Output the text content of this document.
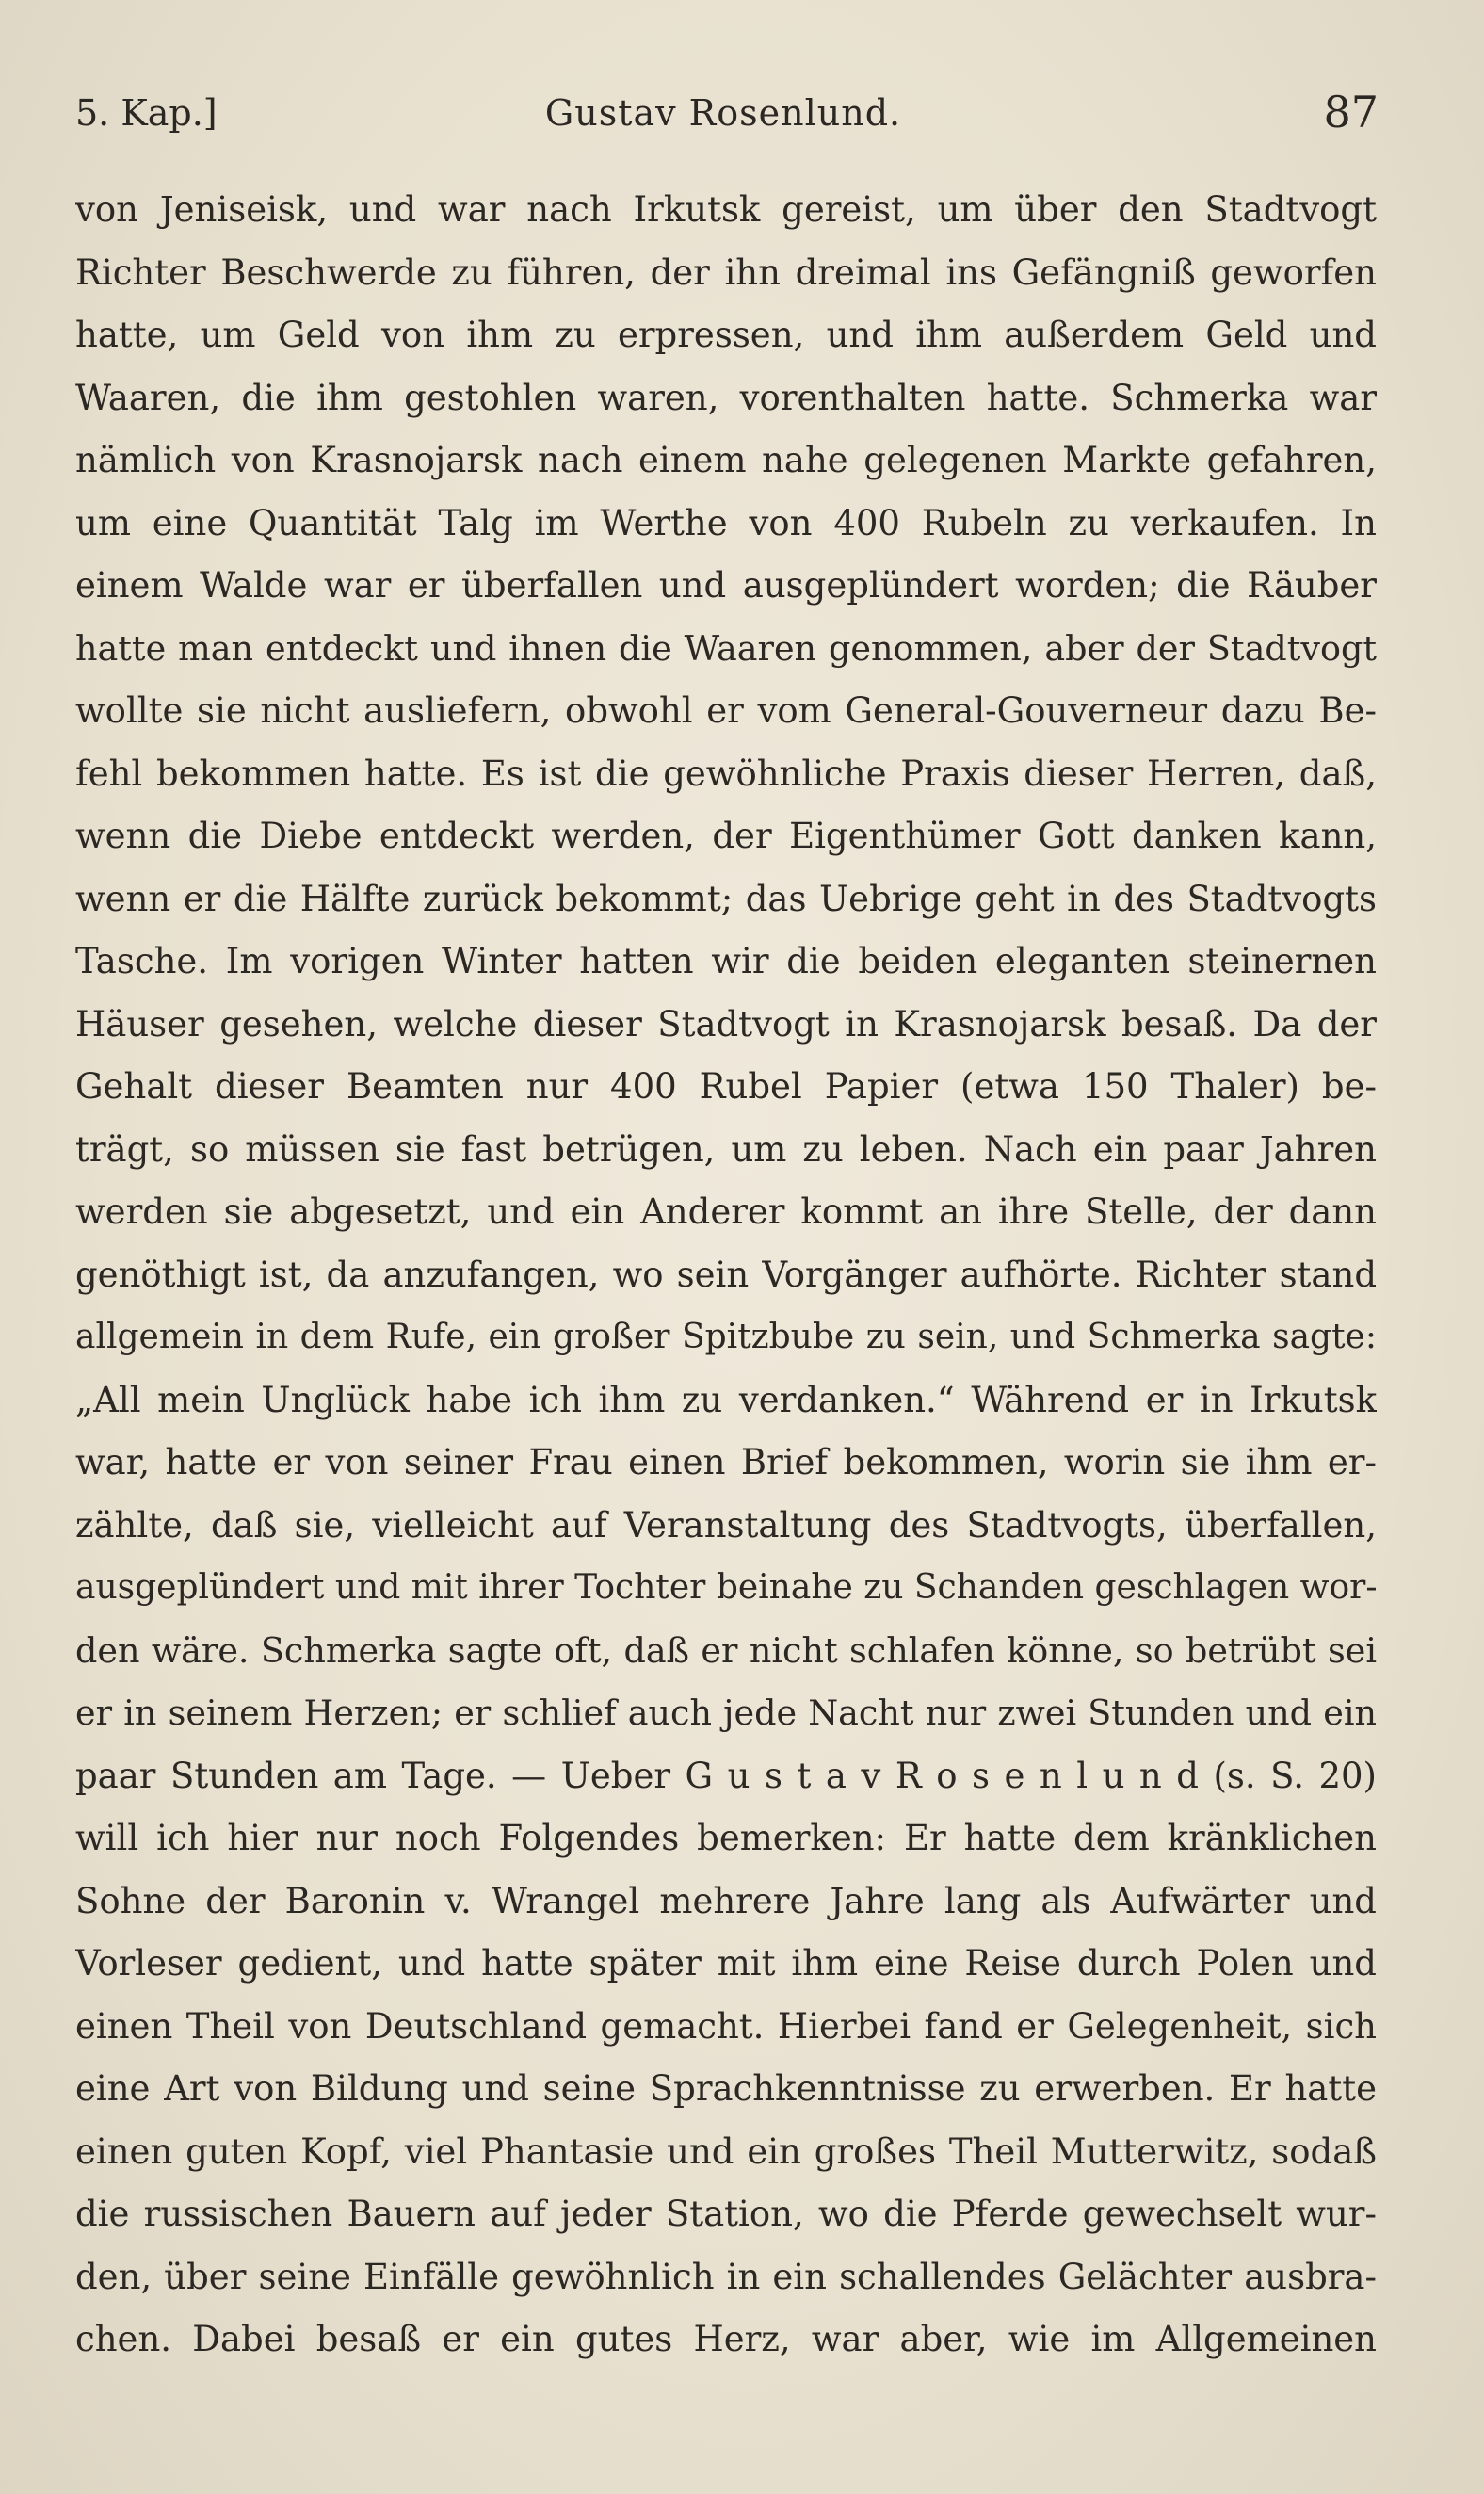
5. Kap.]	Gustav Rosenlund.	87
von Jeniseisk, und war nach Irkutsk gereist, um über den Stadtvogt
Richter Beschwerde zu führen, der ihn dreimal ins Gefängniß geworfen
hatte, um Geld von ihm zu erpressen, und ihm außerdem Geld und
Waaren, die ihm gestohlen waren, vorenthalten hatte. Schmerka war
nämlich von Krasnojarsk nach einem nahe gelegenen Markte gefahren,
um eine Quantität Talg im Werthe von 400 Rubeln zu verkaufen. In
einem Walde war er überfallen und ausgeplündert worden; die Räuber
hatte man entdeckt und ihnen die Waaren genommen, aber der Stadtvogt
wollte sie nicht ausliefern, obwohl er vom General-Gouverneur dazu Be-
fehl bekommen hatte. Es ist die gewöhnliche Praxis dieser Herren, daß,
wenn die Diebe entdeckt werden, der Eigenthümer Gott danken kann,
wenn er die Hälfte zurück bekommt; das Uebrige geht in des Stadtvogts
Tasche. Im vorigen Winter hatten wir die beiden eleganten steinernen
Häuser gesehen, welche dieser Stadtvogt in Krasnojarsk besaß. Da der
Gehalt dieser Beamten nur 400 Rubel Papier (etwa 150 Thaler) be-
trägt, so müssen sie fast betrügen, um zu leben. Nach ein paar Jahren
werden sie abgesetzt, und ein Anderer kommt an ihre Stelle, der dann
genöthigt ist, da anzufangen, wo sein Vorgänger aufhörte. Richter stand
allgemein in dem Rufe, ein großer Spitzbube zu sein, und Schmerka sagte:
„All mein Unglück habe ich ihm zu verdanken.“ Während er in Irkutsk
war, hatte er von seiner Frau einen Brief bekommen, worin sie ihm er-
zählte, daß sie, vielleicht auf Veranstaltung des Stadtvogts, überfallen,
ausgeplündert und mit ihrer Tochter beinahe zu Schanden geschlagen wor-
den wäre. Schmerka sagte oft, daß er nicht schlafen könne, so betrübt sei
er in seinem Herzen; er schlief auch jede Nacht nur zwei Stunden und ein
paar Stunden am Tage. — Ueber G u s t a v R o s e n l u n d (s. S. 20)
will ich hier nur noch Folgendes bemerken: Er hatte dem kränklichen
Sohne der Baronin v. Wrangel mehrere Jahre lang als Aufwärter und
Vorleser gedient, und hatte später mit ihm eine Reise durch Polen und
einen Theil von Deutschland gemacht. Hierbei fand er Gelegenheit, sich
eine Art von Bildung und seine Sprachkenntnisse zu erwerben. Er hatte
einen guten Kopf, viel Phantasie und ein großes Theil Mutterwitz, sodaß
die russischen Bauern auf jeder Station, wo die Pferde gewechselt wur-
den, über seine Einfälle gewöhnlich in ein schallendes Gelächter ausbra-
chen. Dabei besaß er ein gutes Herz, war aber, wie im Allgemeinen
